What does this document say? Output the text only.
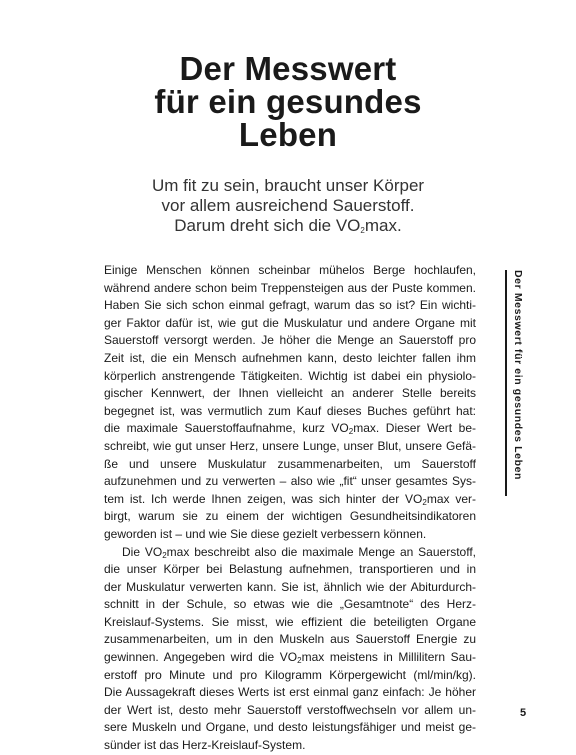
Der Messwert
für ein gesundes
Leben
Um fit zu sein, braucht unser Körper
vor allem ausreichend Sauerstoff.
Darum dreht sich die $VO_2\max$.
Einige Menschen können scheinbar mühelos Berge hochlaufen,
während andere schon beim Treppensteigen aus der Puste kommen.
Haben Sie sich schon einmal gefragt, warum das so ist? Ein wichti-
ger Faktor dafür ist, wie gut die Muskulatur und andere Organe mit
Sauerstoff versorgt werden. Je höher die Menge an Sauerstoff pro
Zeit ist, die ein Mensch aufnehmen kann, desto leichter fallen ihm
körperlich anstrengende Tätigkeiten. Wichtig ist dabei ein physiolo-
gischer Kennwert, der Ihnen vielleicht an anderer Stelle bereits
begegnet ist, was vermutlich zum Kauf dieses Buches geführt hat:
die maximale Sauerstoffaufnahme, kurz $VO_2\max$. Dieser Wert be-
schreibt, wie gut unser Herz, unsere Lunge, unser Blut, unsere Gefä-
ße und unsere Muskulatur zusammenarbeiten, um Sauerstoff
aufzunehmen und zu verwerten – also wie „fit“ unser gesamtes Sys-
tem ist. Ich werde Ihnen zeigen, was sich hinter der $VO_2\max$ ver-
birgt, warum sie zu einem der wichtigen Gesundheitsindikatoren
geworden ist – und wie Sie diese gezielt verbessern können.
Die $VO_2\max$ beschreibt also die maximale Menge an Sauerstoff,
die unser Körper bei Belastung aufnehmen, transportieren und in
der Muskulatur verwerten kann. Sie ist, ähnlich wie der Abiturdurch-
schnitt in der Schule, so etwas wie die „Gesamtnote“ des Herz-
Kreislauf-Systems. Sie misst, wie effizient die beteiligten Organe
zusammenarbeiten, um in den Muskeln aus Sauerstoff Energie zu
gewinnen. Angegeben wird die $VO_2\max$ meistens in Millilitern Sau-
erstoff pro Minute und pro Kilogramm Körpergewicht (ml/min/kg).
Die Aussagekraft dieses Werts ist erst einmal ganz einfach: Je höher
der Wert ist, desto mehr Sauerstoff verstoffwechseln vor allem un-
sere Muskeln und Organe, und desto leistungsfähiger und meist ge-
sünder ist das Herz-Kreislauf-System.
Der Messwert für ein gesundes Leben
5
